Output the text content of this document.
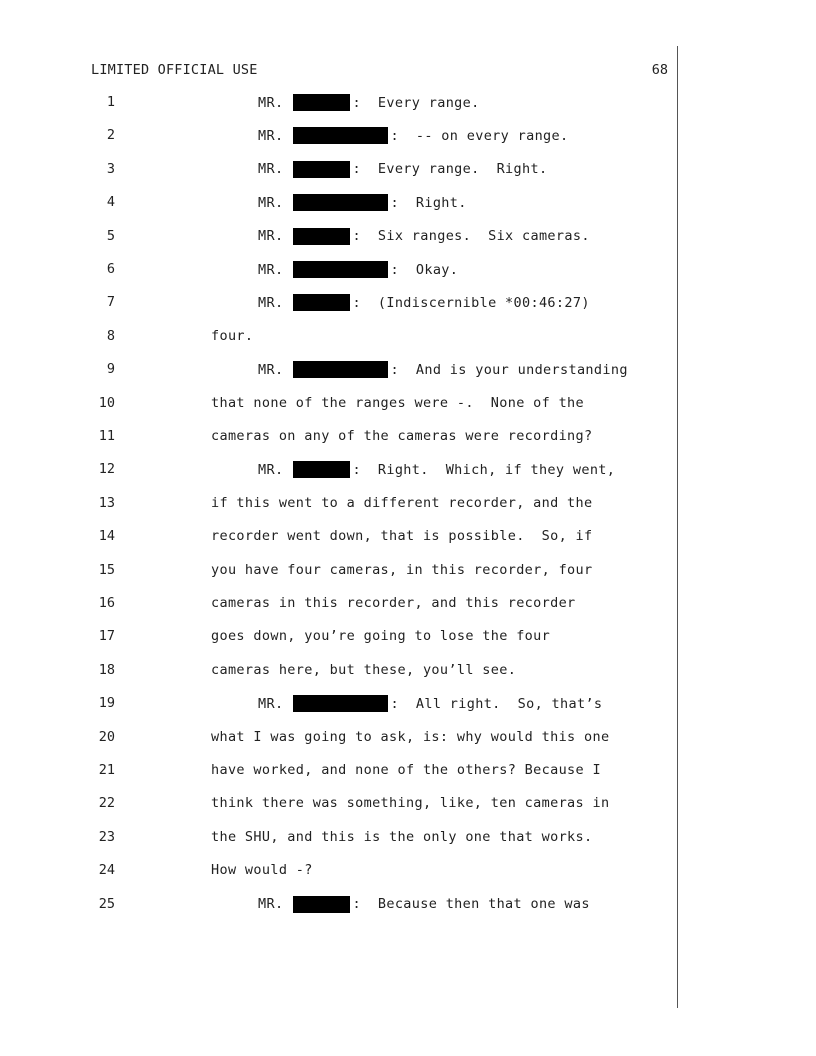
LIMITED OFFICIAL USE	68
1	MR.	: Every range.
2	MR.	: -- on every range.
3	MR.	: Every range.  Right.
4	MR.	: Right.
5	MR.	: Six ranges.  Six cameras.
6	MR.	: Okay.
7	MR.	: (Indiscernible *00:46:27)
8	four.
9	MR.	: And is your understanding
10	that none of the ranges were -.  None of the
11	cameras on any of the cameras were recording?
12	MR.	: Right.  Which, if they went,
13	if this went to a different recorder, and the
14	recorder went down, that is possible.  So, if
15	you have four cameras, in this recorder, four
16	cameras in this recorder, and this recorder
17	goes down, you’re going to lose the four
18	cameras here, but these, you’ll see.
19	MR.	: All right.  So, that’s
20	what I was going to ask, is: why would this one
21	have worked, and none of the others? Because I
22	think there was something, like, ten cameras in
23	the SHU, and this is the only one that works.
24	How would -?
25	MR.	: Because then that one was
